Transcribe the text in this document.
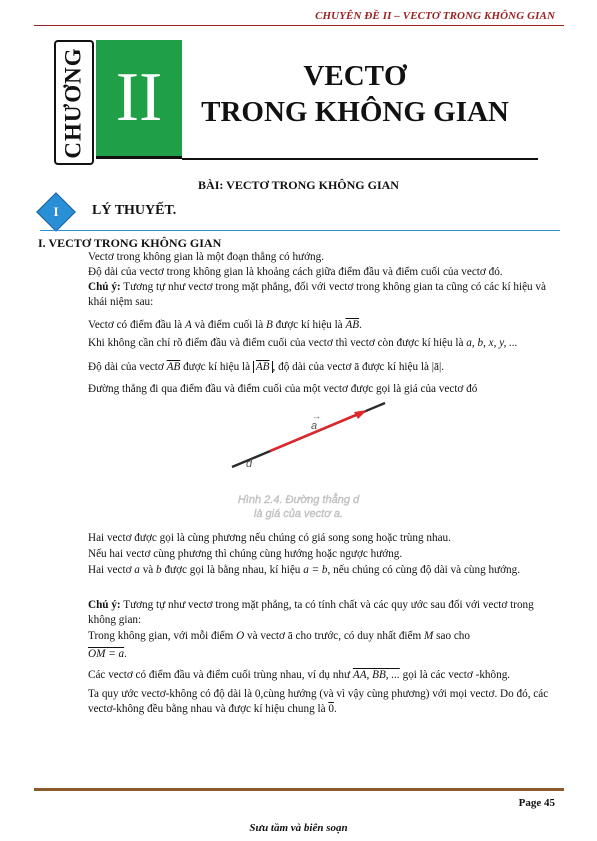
CHUYÊN ĐỀ II – VECTƠ TRONG KHÔNG GIAN
CHƯƠNG II	VECTƠ
TRONG KHÔNG GIAN
BÀI: VECTƠ TRONG KHÔNG GIAN
I	LÝ THUYẾT.
I. VECTƠ TRONG KHÔNG GIAN
Vectơ trong không gian là một đoạn thẳng có hướng.
Độ dài của vectơ trong không gian là khoảng cách giữa điểm đầu và điểm cuối của vectơ đó.
Chú ý: Tương tự như vectơ trong mặt phẳng, đối với vectơ trong không gian ta cũng có các kí hiệu và khái niệm sau:
Vectơ có điểm đầu là A và điểm cuối là B được kí hiệu là $\overline{AB}$.
Khi không cần chỉ rõ điểm đầu và điểm cuối của vectơ thì vectơ còn được kí hiệu là a, b, x, y, ...
Độ dài của vectơ $\overline{AB}$ được kí hiệu là $\overline{AB}$ , độ dài của vectơ ā được kí hiệu là |ā|.
Đường thẳng đi qua điểm đầu và điểm cuối của một vectơ được gọi là giá của vectơ đó
a
→
d
Hình 2.4. Đường thẳng d
là giá của vectơ a.
Hai vectơ được gọi là cùng phương nếu chúng có giá song song hoặc trùng nhau.
Nếu hai vectơ cùng phương thì chúng cùng hướng hoặc ngược hướng.
Hai vectơ a và b được gọi là bằng nhau, kí hiệu a = b, nếu chúng có cùng độ dài và cùng hướng.
Chú ý: Tương tự như vectơ trong mặt phẳng, ta có tính chất và các quy ước sau đối với vectơ trong không gian:
Trong không gian, với mỗi điểm O và vectơ ā cho trước, có duy nhất điểm M sao cho
OM = a.
Các vectơ có điểm đầu và điểm cuối trùng nhau, ví dụ như AA, BB, ... gọi là các vectơ -không.
Ta quy ước vectơ-không có độ dài là 0,cùng hướng (và vì vậy cùng phương) với mọi vectơ. Do đó, các vectơ-không đều bằng nhau và được kí hiệu chung là 0.
Page 45
Sưu tầm và biên soạn
